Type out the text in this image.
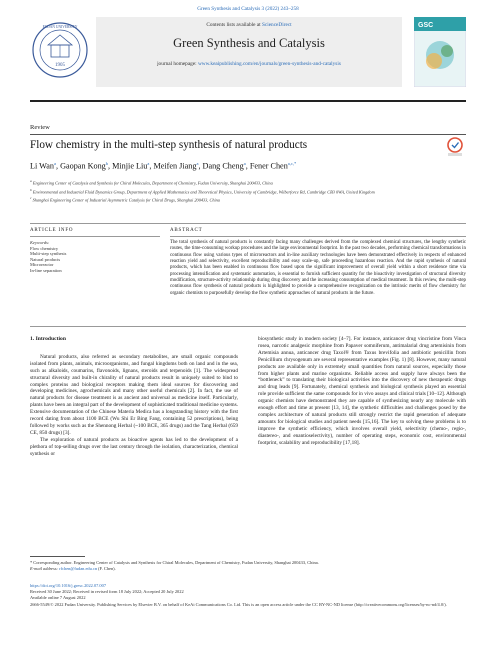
Green Synthesis and Catalysis 3 (2022) 243–258
1905
FUDAN UNIVERSITY	Contents lists available at ScienceDirect
Green Synthesis and Catalysis
journal homepage: www.keaipublishing.com/en/journals/green-synthesis-and-catalysis
GSC
Review
Flow chemistry in the multi-step synthesis of natural products
Li Wan$^a$, Gaopan Kong$^b$, Minjie Liu$^a$, Meifen Jiang$^a$, Dang Cheng$^a$, Fener Chen$^{a,c,*}$
$^a$ Engineering Center of Catalysis and Synthesis for Chiral Molecules, Department of Chemistry, Fudan University, Shanghai 200433, China
$^b$ Environmental and Industrial Fluid Dynamics Group, Department of Applied Mathematics and Theoretical Physics, University of Cambridge, Wilberforce Rd, Cambridge CB3 0WA, United Kingdom
$^c$ Shanghai Engineering Center of Industrial Asymmetric Catalysis for Chiral Drugs, Shanghai 200433, China
ARTICLE INFO	ABSTRACT
Keywords:
Flow chemistry
Multi-step synthesis
Natural products
Microreactor
In-line separation
The total synthesis of natural products is constantly facing many challenges derived from the complexed chemical structures, the lengthy synthetic routes, the time-consuming workup procedures and the large environmental footprint. In the past two decades, performing chemical transformations in continuous flow using various types of microreactors and in-line auxiliary technologies have been demonstrated effectively in respects of enhanced reaction yield and selectivity, excellent reproducibility and easy scale-up, safe proceeding hazardous reaction. And the rapid synthesis of natural products, which has been enabled in continuous flow based upon the significant improvement of overall yield within a short residence time via processing intensification and systematic automation, is essential to furnish sufficient quantity for the bioactivity investigation of structural diversity modification, structure-activity relationship during drug discovery and the increasing consumption of medical treatment. In this review, the multi-step continuous flow synthesis of natural products is highlighted to provide a comprehensive recognization on the intrinsic merits of flow chemistry for organic chemists to purposefully develop the flow synthetic approaches of natural products in the future.
1. Introduction
Natural products, also referred as secondary metabolites, are small organic compounds isolated from plants, animals, microorganisms, and fungal kingdoms both on land and in the sea, such as alkaloids, coumarins, flavonoids, lignans, steroids and terpenoids [1]. The widespread structural diversity and built-in chirality of natural products result in uniquely suited to bind to complex proteins and biological receptors making them ideal sources for discovering and developing medicines, agrochemicals and many other useful chemicals [2]. In fact, the use of natural products for disease treatment is as ancient and universal as medicine itself. Particularly, plants have been an integral part of the development of sophisticated traditional medicine systems. Extensive documentation of the Chinese Materia Medica has a longstanding history with the first record dating from about 1100 BCE (Wu Shi Er Bing Fang, containing 52 prescriptions), being followed by works such as the Shennong Herbal (~100 BCE, 365 drugs) and the Tang Herbal (659 CE, 850 drugs) [3].
The exploration of natural products as bioactive agents has led to the development of a plethora of top-selling drugs over the last century through the isolation, characterization, chemical synthesis or
biosynthetic study in modern society [4–7]. For instance, anticancer drug vincristine from Vinca rosea, narcotic analgesic morphine from Papaver somniferum, antimalarial drug artemisinin from Artemisia annua, anticancer drug Taxol® from Taxus brevifolia and antibiotic penicillin from Penicillium chrysogenum are several representative examples (Fig. 1) [8]. However, many natural products are available only in extremely small quantities from natural sources, especially those from higher plants and marine organisms. Reliable access and supply have always been the “bottleneck” to translating their biological activities into the discovery of new therapeutic drugs and drug leads [9]. Fortunately, chemical synthesis and biological synthesis played an essential role provide sufficient the same compounds for in vivo assays and clinical trials [10–12]. Although organic chemists have demonstrated they are capable of synthesizing nearly any molecule with enough effort and time at present [13, 14], the synthetic difficulties and challenges posed by the complex architecture of natural products still strongly restrict the rapid generation of adequate amounts for biological studies and patient needs [15,16]. The key to solving these problems is to improve the synthetic efficiency, which involves overall yield, selectivity (chemo-, regio-, diastereo-, and enantioselectivity), number of operating steps, economic cost, environmental footprint, scalability and reproducibility [17,18].
* Corresponding author. Engineering Center of Catalysis and Synthesis for Chiral Molecules, Department of Chemistry, Fudan University, Shanghai 200433, China.
E-mail address: rfchen@fudan.edu.cn (F. Chen).
https://doi.org/10.1016/j.gresc.2022.07.007
Received 30 June 2022; Received in revised form 18 July 2022; Accepted 20 July 2022
Available online 7 August 2022
2666-5549/© 2022 Fudan University. Publishing Services by Elsevier B.V. on behalf of KeAi Communications Co. Ltd. This is an open access article under the CC BY-NC-ND license (http://creativecommons.org/licenses/by-nc-nd/4.0/).
